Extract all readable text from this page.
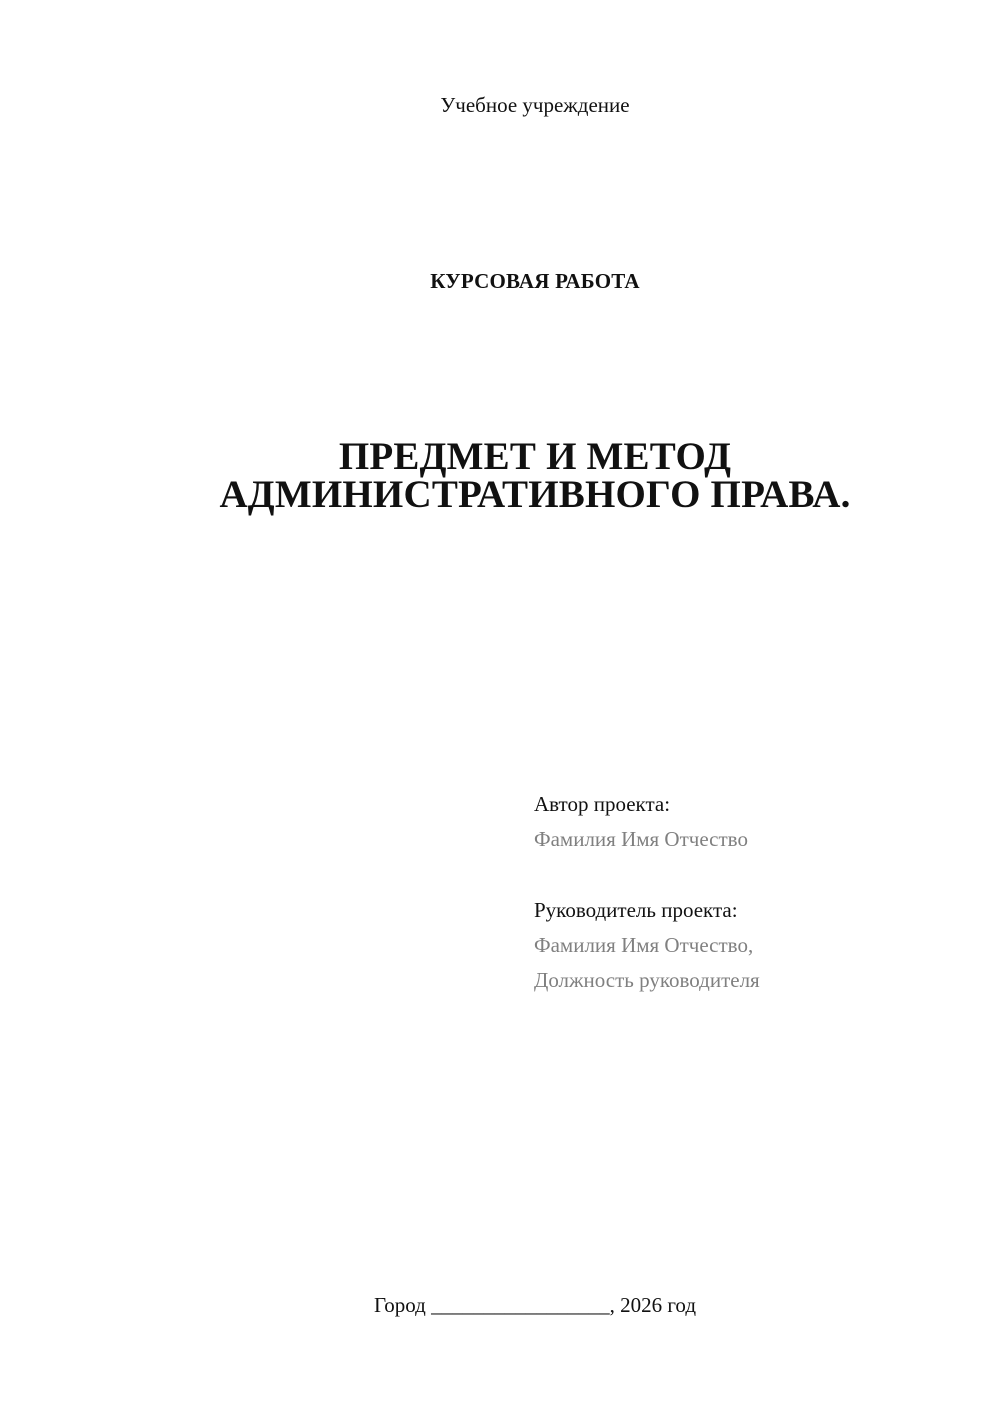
Учебное учреждение
КУРСОВАЯ РАБОТА
ПРЕДМЕТ И МЕТОД
АДМИНИСТРАТИВНОГО ПРАВА.
Автор проекта:
Фамилия Имя Отчество
Руководитель проекта:
Фамилия Имя Отчество,
Должность руководителя
Город _________________, 2026 год
